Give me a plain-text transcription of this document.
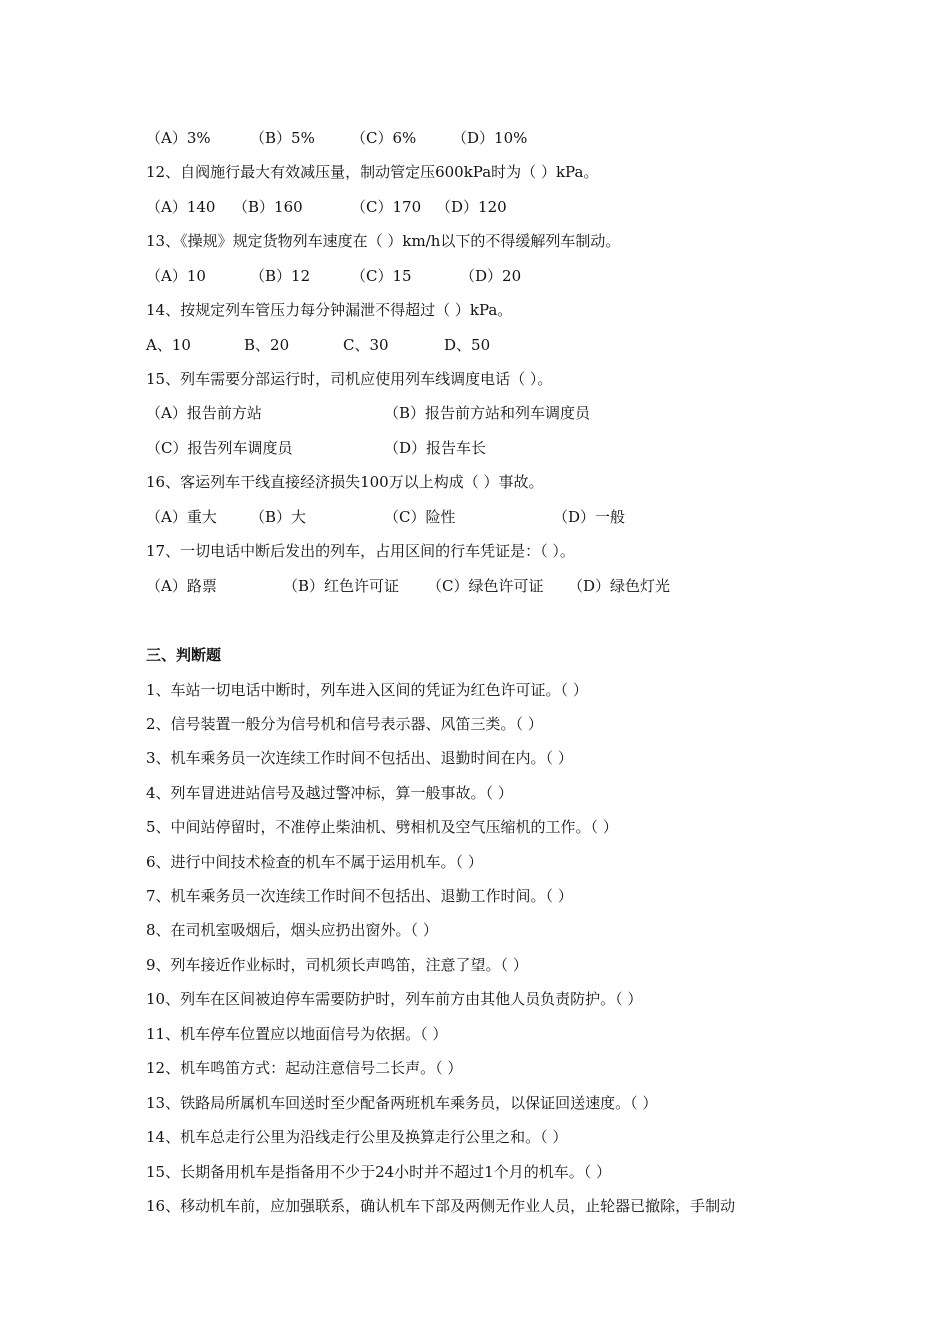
（A）3%	（B）5% （C）6% （D）10%
12、自阀施行最大有效减压量，制动管定压600kPa时为（ ）kPa。
（A）140 （B）160	（C）170 （D）120
13、《操规》规定货物列车速度在（ ）km/h以下的不得缓解列车制动。
（A）10	（B）12	（C）15	（D）20
14、按规定列车管压力每分钟漏泄不得超过（ ）kPa。
A、10	B、20	C、30	D、50
15、列车需要分部运行时，司机应使用列车线调度电话（ ）。
（A）报告前方站	（B）报告前方站和列车调度员
（C）报告列车调度员	（D）报告车长
16、客运列车干线直接经济损失100万以上构成（ ）事故。
（A）重大 （B）大	（C）险性	（D）一般
17、一切电话中断后发出的列车，占用区间的行车凭证是：（ ）。
（A）路票	（B）红色许可证 （C）绿色许可证 （D）绿色灯光
三、判断题
1、车站一切电话中断时，列车进入区间的凭证为红色许可证。（ ）
2、信号装置一般分为信号机和信号表示器、风笛三类。（ ）
3、机车乘务员一次连续工作时间不包括出、退勤时间在内。（ ）
4、列车冒进进站信号及越过警冲标，算一般事故。（ ）
5、中间站停留时，不准停止柴油机、劈相机及空气压缩机的工作。（ ）
6、进行中间技术检查的机车不属于运用机车。（ ）
7、机车乘务员一次连续工作时间不包括出、退勤工作时间。（ ）
8、在司机室吸烟后，烟头应扔出窗外。（ ）
9、列车接近作业标时，司机须长声鸣笛，注意了望。（ ）
10、列车在区间被迫停车需要防护时，列车前方由其他人员负责防护。（ ）
11、机车停车位置应以地面信号为依据。（ ）
12、机车鸣笛方式：起动注意信号二长声。（ ）
13、铁路局所属机车回送时至少配备两班机车乘务员，以保证回送速度。（ ）
14、机车总走行公里为沿线走行公里及换算走行公里之和。（ ）
15、长期备用机车是指备用不少于24小时并不超过1个月的机车。（ ）
16、移动机车前，应加强联系，确认机车下部及两侧无作业人员，止轮器已撤除，手制动
